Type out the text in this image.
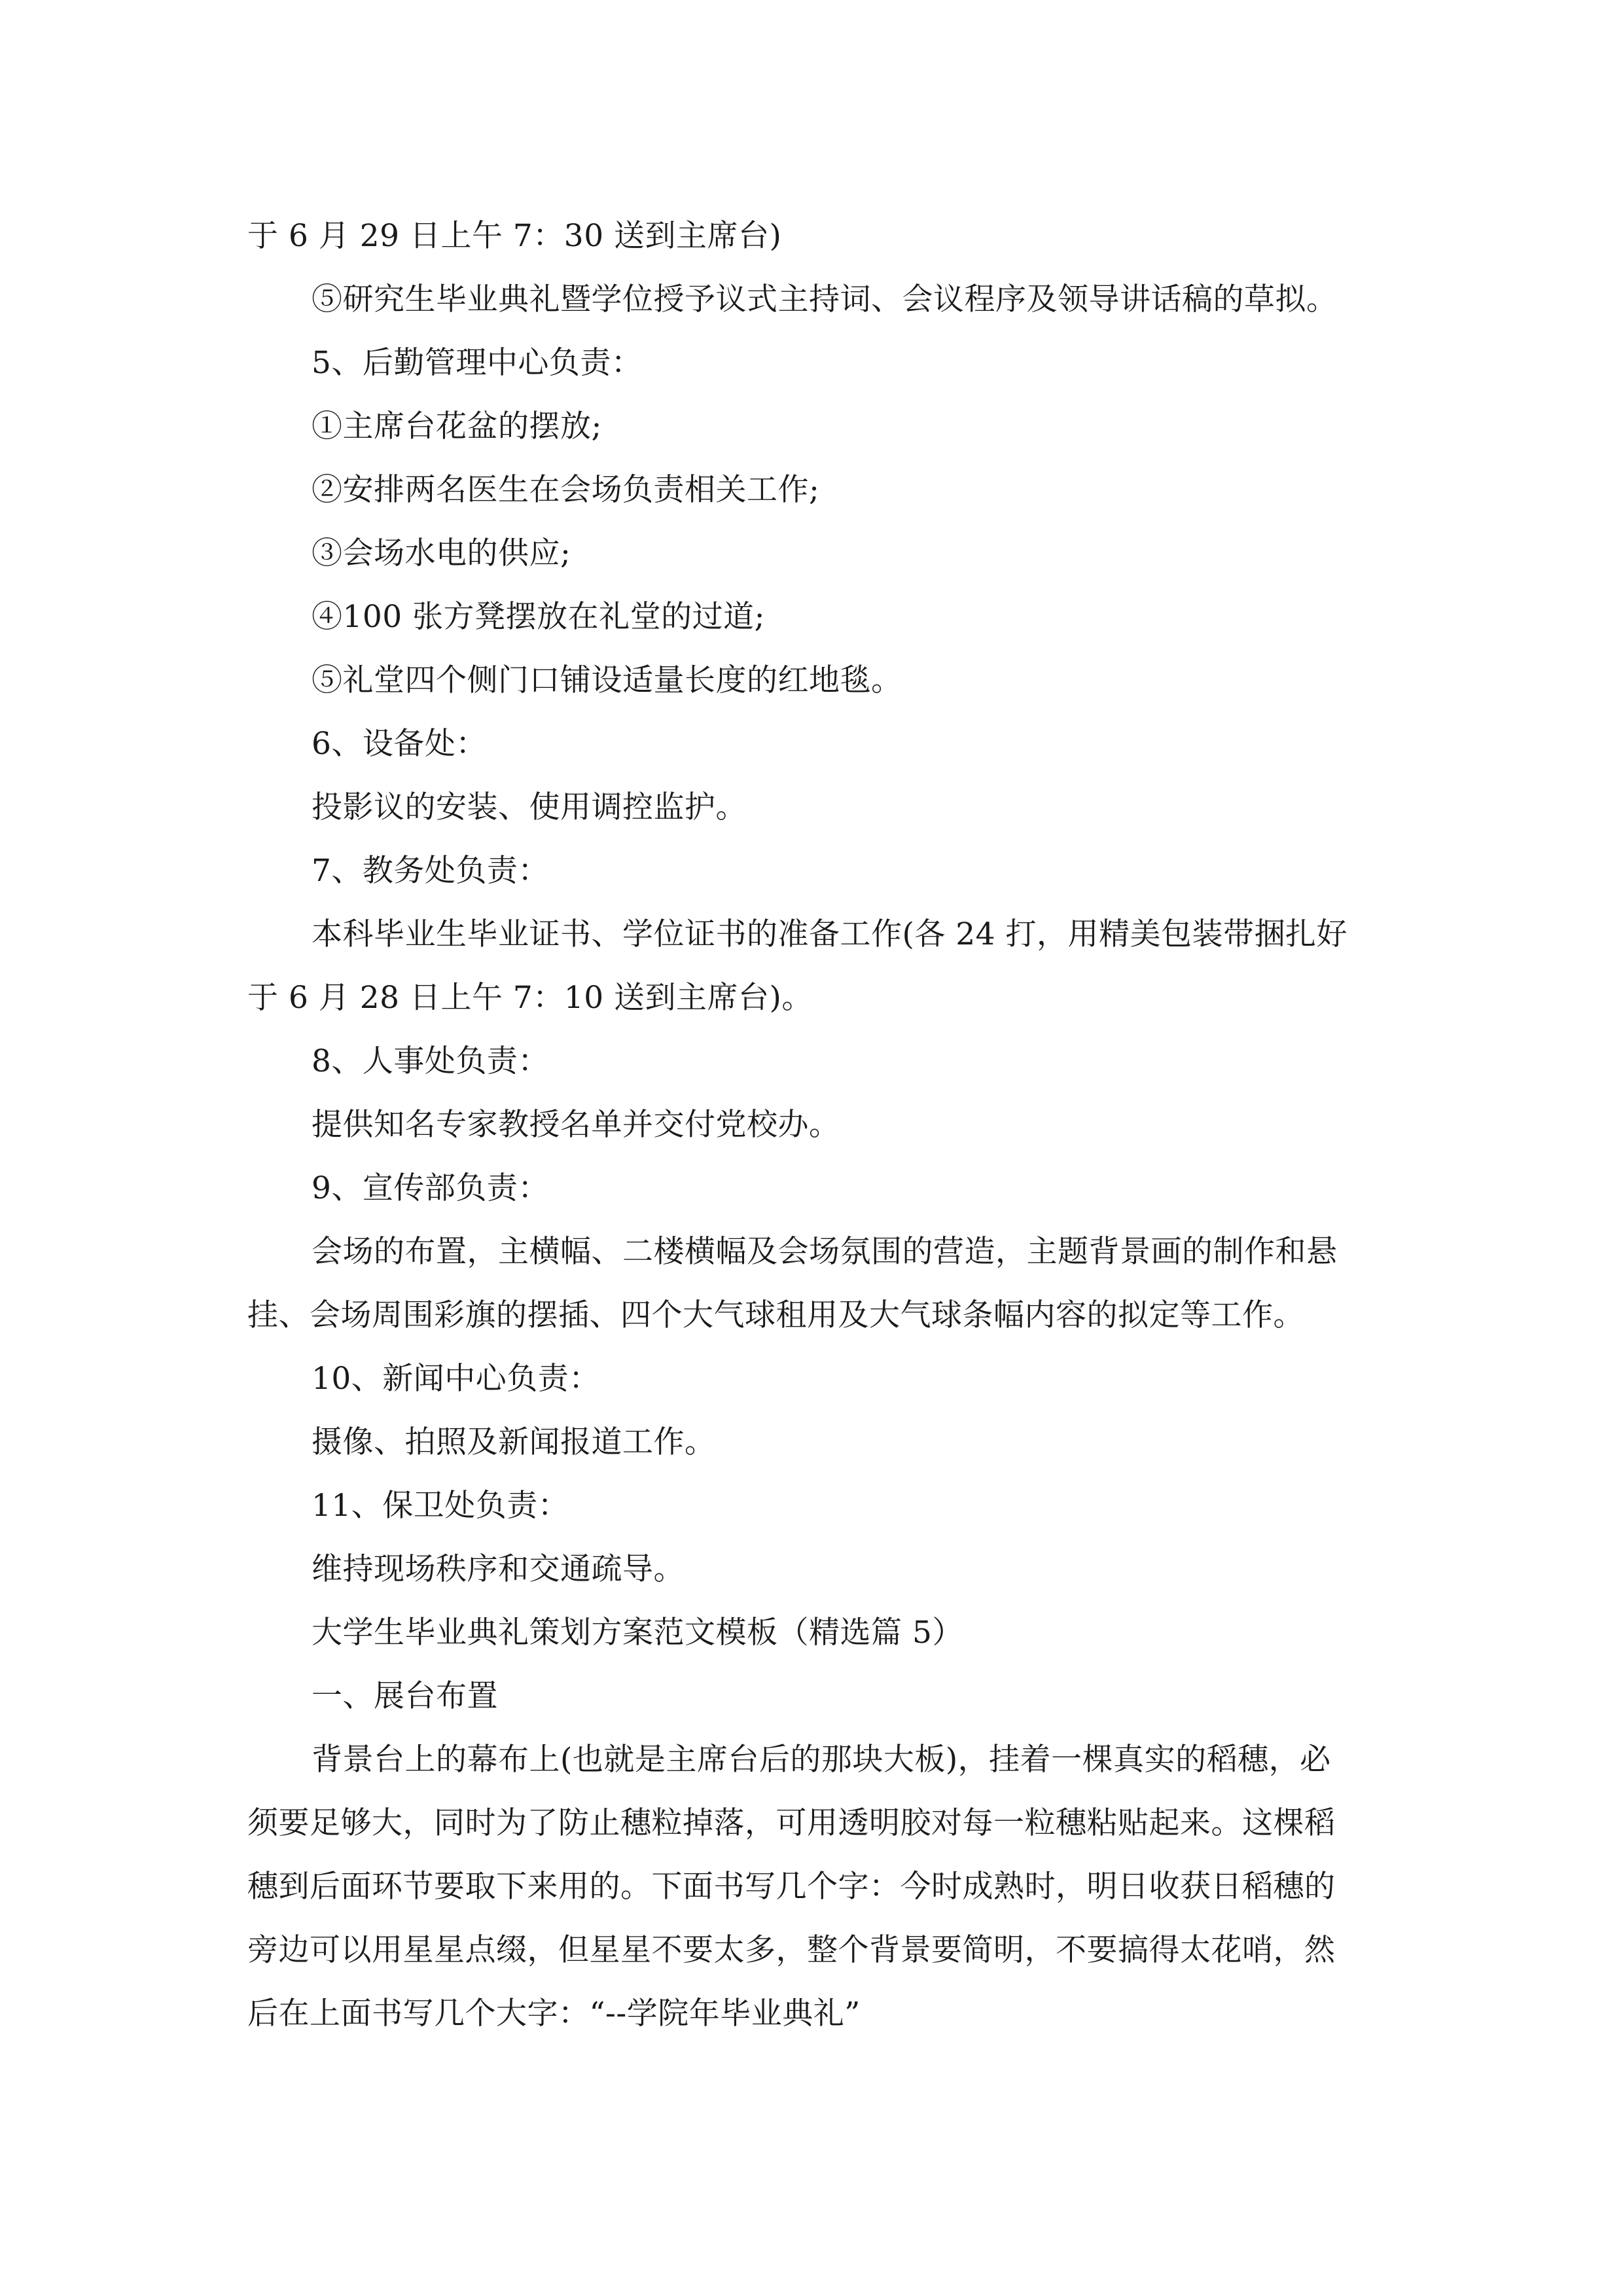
于 6 月 29 日上午 7：30 送到主席台)
⑤研究生毕业典礼暨学位授予议式主持词、会议程序及领导讲话稿的草拟。
5、后勤管理中心负责：
①主席台花盆的摆放;
②安排两名医生在会场负责相关工作;
③会场水电的供应;
④100 张方凳摆放在礼堂的过道;
⑤礼堂四个侧门口铺设适量长度的红地毯。
6、设备处：
投影议的安装、使用调控监护。
7、教务处负责：
本科毕业生毕业证书、学位证书的准备工作(各 24 打，用精美包装带捆扎好
于 6 月 28 日上午 7：10 送到主席台)。
8、人事处负责：
提供知名专家教授名单并交付党校办。
9、宣传部负责：
会场的布置，主横幅、二楼横幅及会场氛围的营造，主题背景画的制作和悬
挂、会场周围彩旗的摆插、四个大气球租用及大气球条幅内容的拟定等工作。
10、新闻中心负责：
摄像、拍照及新闻报道工作。
11、保卫处负责：
维持现场秩序和交通疏导。
大学生毕业典礼策划方案范文模板（精选篇 5）
一、展台布置
背景台上的幕布上(也就是主席台后的那块大板)，挂着一棵真实的稻穗，必
须要足够大，同时为了防止穗粒掉落，可用透明胶对每一粒穗粘贴起来。这棵稻
穗到后面环节要取下来用的。下面书写几个字：今时成熟时，明日收获日稻穗的
旁边可以用星星点缀，但星星不要太多，整个背景要简明，不要搞得太花哨，然
后在上面书写几个大字：“--学院年毕业典礼”
